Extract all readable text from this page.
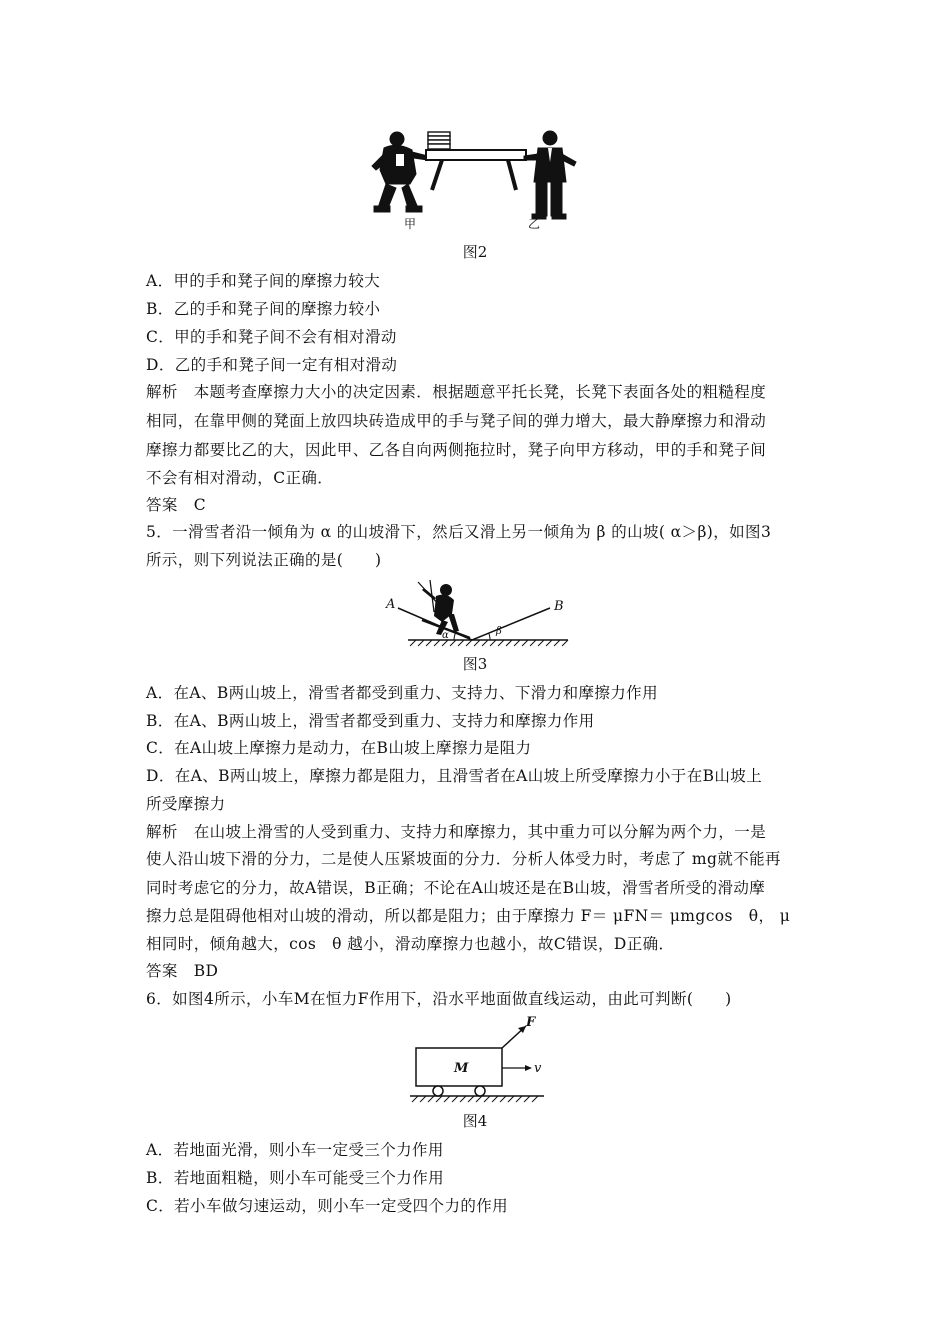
甲	乙
图2
A．甲的手和凳子间的摩擦力较大
B．乙的手和凳子间的摩擦力较小
C．甲的手和凳子间不会有相对滑动
D．乙的手和凳子间一定有相对滑动
解析　本题考查摩擦力大小的决定因素．根据题意平托长凳，长凳下表面各处的粗糙程度
相同，在靠甲侧的凳面上放四块砖造成甲的手与凳子间的弹力增大，最大静摩擦力和滑动
摩擦力都要比乙的大，因此甲、乙各自向两侧拖拉时，凳子向甲方移动，甲的手和凳子间
不会有相对滑动，C正确．
答案　C
5．一滑雪者沿一倾角为 α 的山坡滑下，然后又滑上另一倾角为 β 的山坡( α＞β)，如图3
所示，则下列说法正确的是(　　)
A	B
α	β
图3
A．在A、B两山坡上，滑雪者都受到重力、支持力、下滑力和摩擦力作用
B．在A、B两山坡上，滑雪者都受到重力、支持力和摩擦力作用
C．在A山坡上摩擦力是动力，在B山坡上摩擦力是阻力
D．在A、B两山坡上，摩擦力都是阻力，且滑雪者在A山坡上所受摩擦力小于在B山坡上
所受摩擦力
解析　在山坡上滑雪的人受到重力、支持力和摩擦力，其中重力可以分解为两个力，一是
使人沿山坡下滑的分力，二是使人压紧坡面的分力．分析人体受力时，考虑了 mg就不能再
同时考虑它的分力，故A错误，B正确；不论在A山坡还是在B山坡，滑雪者所受的滑动摩
擦力总是阻碍他相对山坡的滑动，所以都是阻力；由于摩擦力 F＝ μFN＝ μmgcos　θ， μ
相同时，倾角越大，cos　θ 越小，滑动摩擦力也越小，故C错误，D正确．
答案　BD
6．如图4所示，小车M在恒力F作用下，沿水平地面做直线运动，由此可判断(　　)
M
F
v
图4
A．若地面光滑，则小车一定受三个力作用
B．若地面粗糙，则小车可能受三个力作用
C．若小车做匀速运动，则小车一定受四个力的作用
